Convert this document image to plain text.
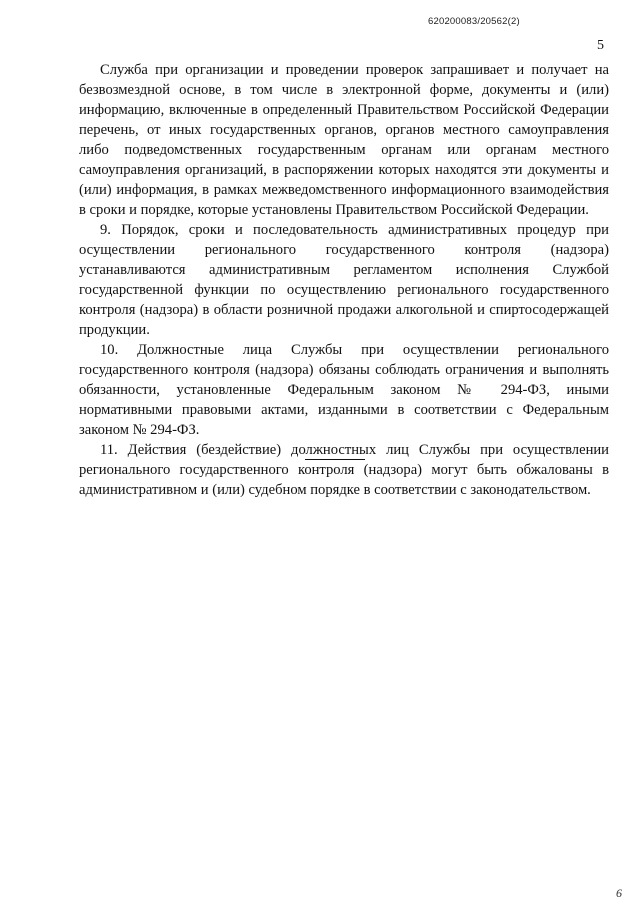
620200083/20562(2)
5

Служба при организации и проведении проверок запрашивает и получает на безвозмездной основе, в том числе в электронной форме, документы и (или) информацию, включенные в определенный Правительством Российской Федерации перечень, от иных государственных органов, органов местного самоуправления либо подведомственных государственным органам или органам местного самоуправления организаций, в распоряжении которых находятся эти документы и (или) информация, в рамках межведомственного информационного взаимодействия в сроки и порядке, которые установлены Правительством Российской Федерации.

9. Порядок, сроки и последовательность административных процедур при осуществлении регионального государственного контроля (надзора) устанавливаются административным регламентом исполнения Службой государственной функции по осуществлению регионального государственного контроля (надзора) в области розничной продажи алкогольной и спиртосодержащей продукции.

10. Должностные лица Службы при осуществлении регионального государственного контроля (надзора) обязаны соблюдать ограничения и выполнять обязанности, установленные Федеральным законом № 294-ФЗ, иными нормативными правовыми актами, изданными в соответствии с Федеральным законом № 294-ФЗ.

11. Действия (бездействие) должностных лиц Службы при осуществлении регионального государственного контроля (надзора) могут быть обжалованы в административном и (или) судебном порядке в соответствии с законодательством.

6
